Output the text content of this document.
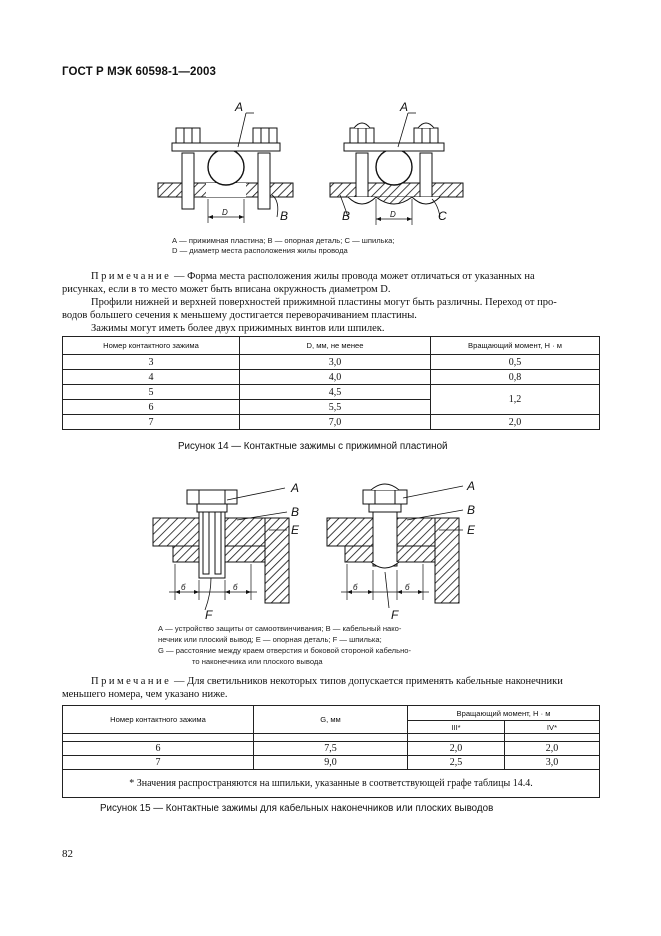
ГОСТ Р МЭК 60598-1—2003
D
А
В	D
А
В	С
А — прижимная пластина; В — опорная деталь; С — шпилька;
D — диаметр места расположения жилы провода
Примечание — Форма места расположения жилы провода может отличаться от указанных на
рисунках, если в то место может быть вписана окружность диаметром D.
Профили нижней и верхней поверхностей прижимной пластины могут быть различны. Переход от про-
водов большего сечения к меньшему достигается переворачиванием пластины.
Зажимы могут иметь более двух прижимных винтов или шпилек.
Номер контактного зажима	D, мм, не менее	Вращающий момент, Н · м
3	3,0	0,5
4	4,0	0,8
5	4,5	1,2
6	5,5	
7	7,0	2,0
Рисунок 14 — Контактные зажимы с прижимной пластиной
б	б
А
В
Е
F
б	б
А
В
Е
F
А — устройство защиты от самоотвинчивания; В — кабельный нако-
нечник или плоский вывод; Е — опорная деталь; F — шпилька;
G — расстояние между краем отверстия и боковой стороной кабельно-
то наконечника или плоского вывода
Примечание — Для светильников некоторых типов допускается применять кабельные наконечники
меньшего номера, чем указано ниже.
Номер контактного зажима	G, мм	Вращающий момент, Н · м	
		III*	IV*

6	7,5	2,0	2,0
7	9,0	2,5	3,0
* Значения распространяются на шпильки, указанные в соответствующей графе таблицы 14.4.			
Рисунок 15 — Контактные зажимы для кабельных наконечников или плоских выводов
82
